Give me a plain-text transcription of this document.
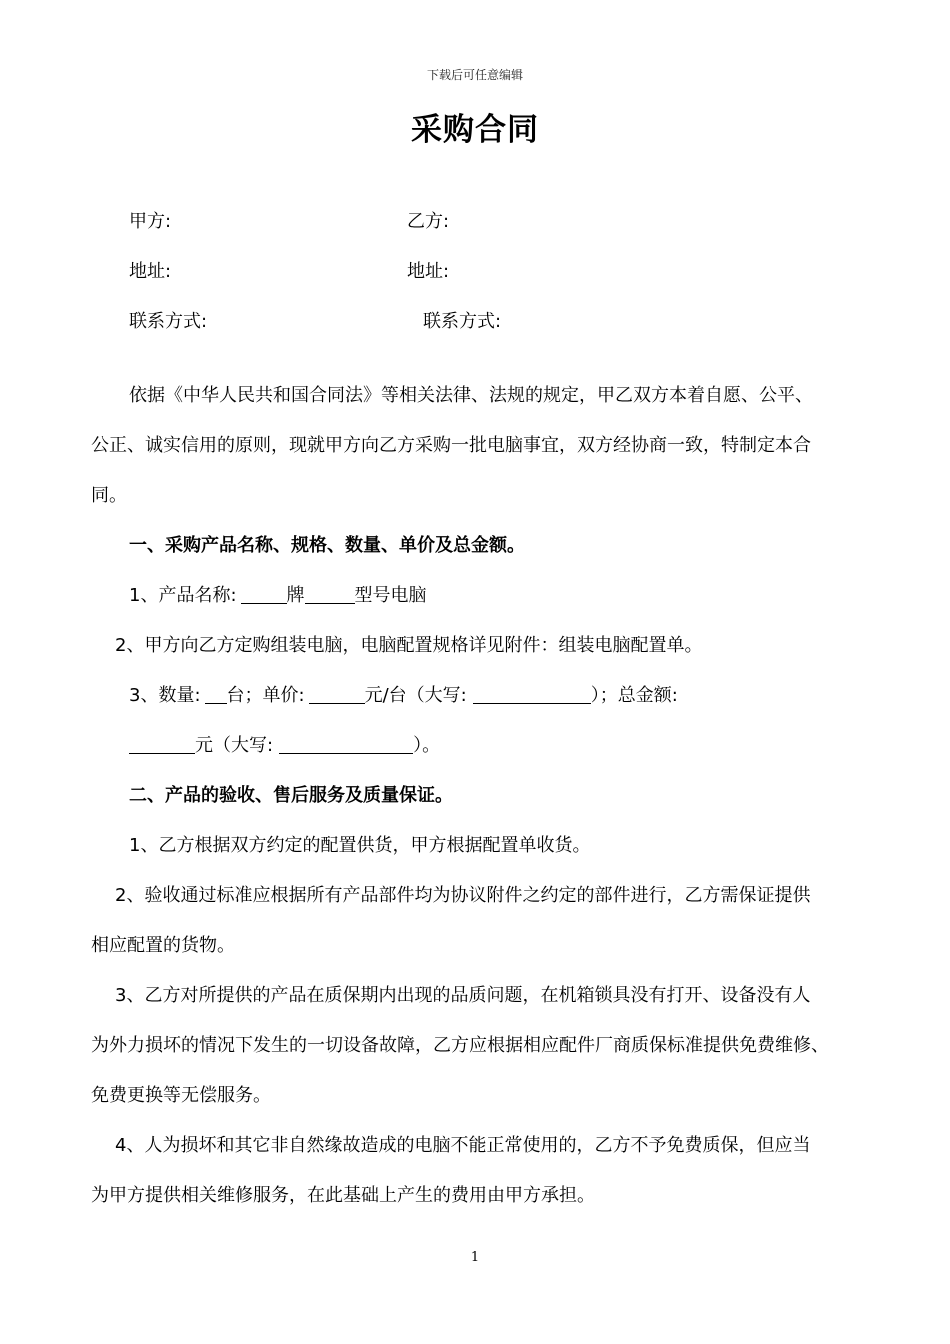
下载后可任意编辑
采购合同
甲方:	乙方:
地址:	地址:
联系方式:	联系方式:
依据《中华人民共和国合同法》等相关法律、法规的规定，甲乙双方本着自愿、公平、
公正、诚实信用的原则，现就甲方向乙方采购一批电脑事宜，双方经协商一致，特制定本合
同。
一、采购产品名称、规格、数量、单价及总金额。
1、产品名称:	牌	型号电脑
2、甲方向乙方定购组装电脑，电脑配置规格详见附件：组装电脑配置单。
3、数量: 台；单价:	元/台（大写:	）；总金额:
元（大写:	）。
二、产品的验收、售后服务及质量保证。
1、乙方根据双方约定的配置供货，甲方根据配置单收货。
2、验收通过标准应根据所有产品部件均为协议附件之约定的部件进行，乙方需保证提供
相应配置的货物。
3、乙方对所提供的产品在质保期内出现的品质问题，在机箱锁具没有打开、设备没有人
为外力损坏的情况下发生的一切设备故障，乙方应根据相应配件厂商质保标准提供免费维修、
免费更换等无偿服务。
4、人为损坏和其它非自然缘故造成的电脑不能正常使用的，乙方不予免费质保，但应当
为甲方提供相关维修服务，在此基础上产生的费用由甲方承担。
1
